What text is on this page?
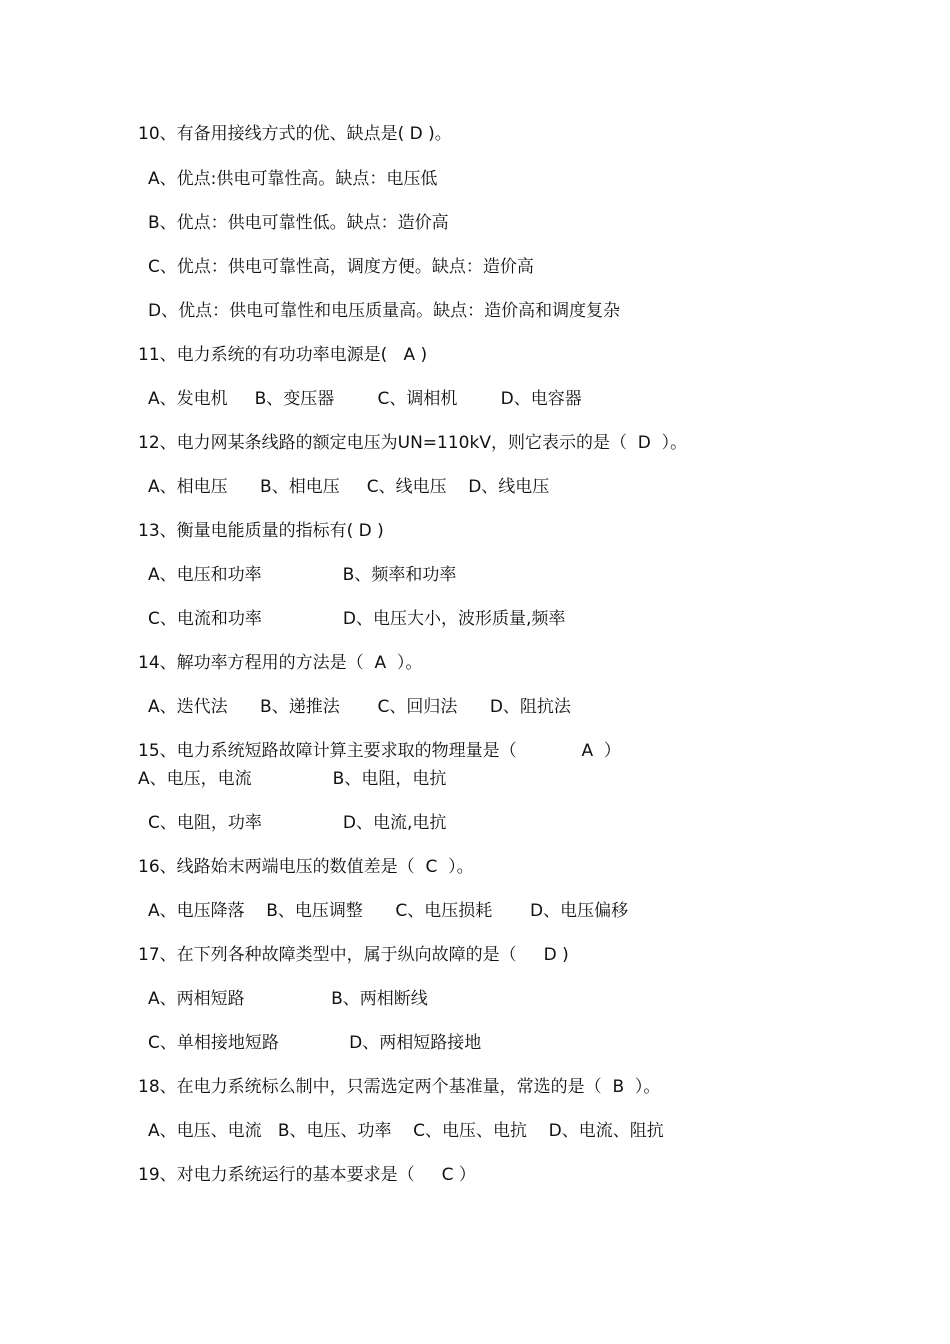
10、有备用接线方式的优、缺点是( D )。

A、优点:供电可靠性高。缺点：电压低

B、优点：供电可靠性低。缺点：造价高

C、优点：供电可靠性高，调度方便。缺点：造价高

D、优点：供电可靠性和电压质量高。缺点：造价高和调度复杂

11、电力系统的有功功率电源是(   A )

A、发电机     B、变压器        C、调相机        D、电容器

12、电力网某条线路的额定电压为UN=110kV，则它表示的是（  D  ）。

A、相电压      B、相电压     C、线电压    D、线电压

13、衡量电能质量的指标有( D )

A、电压和功率               B、频率和功率

C、电流和功率               D、电压大小，波形质量,频率

14、解功率方程用的方法是（  A  ）。

A、迭代法      B、递推法       C、回归法      D、阻抗法

15、电力系统短路故障计算主要求取的物理量是（            A  ）

A、电压，电流               B、电阻，电抗

C、电阻，功率               D、电流,电抗

16、线路始末两端电压的数值差是（  C  ）。

A、电压降落    B、电压调整      C、电压损耗       D、电压偏移

17、在下列各种故障类型中，属于纵向故障的是（     D )

A、两相短路                B、两相断线

C、单相接地短路             D、两相短路接地

18、在电力系统标么制中，只需选定两个基准量，常选的是（  B  ）。

A、电压、电流   B、电压、功率    C、电压、电抗    D、电流、阻抗

19、对电力系统运行的基本要求是（     C ）
